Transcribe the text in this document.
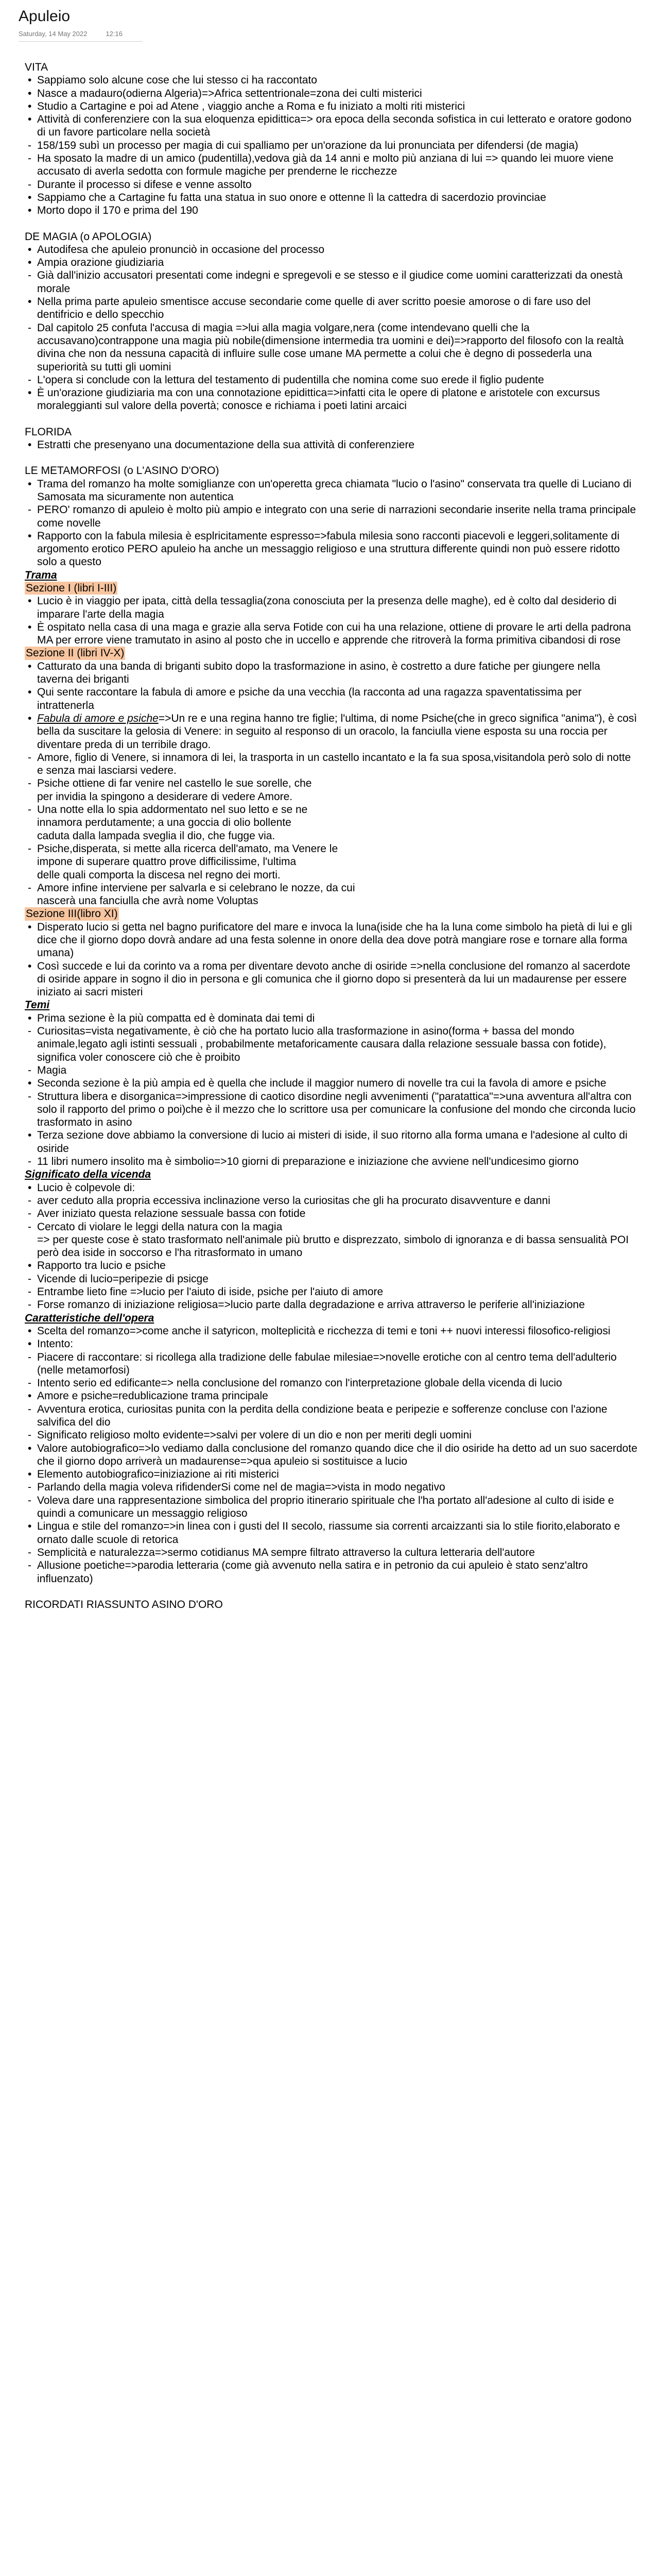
Apuleio
Saturday, 14 May 2022	12:16
VITA
• Sappiamo solo alcune cose che lui stesso ci ha raccontato
• Nasce a madauro(odierna Algeria)=>Africa settentrionale=zona dei culti misterici
• Studio a Cartagine e poi ad Atene , viaggio anche a Roma e fu iniziato a molti riti misterici
• Attività di conferenziere con la sua eloquenza epidittica=> ora epoca della seconda sofistica in cui letterato e oratore godono di un favore particolare nella società
- 158/159 subì un processo per magia di cui spalliamo per un'orazione da lui pronunciata per difendersi (de magia)
- Ha sposato la madre di un amico (pudentilla),vedova già da 14 anni e molto più anziana di lui => quando lei muore viene accusato di averla sedotta con formule magiche per prenderne le ricchezze
- Durante il processo si difese e venne assolto
• Sappiamo che a Cartagine fu fatta una statua in suo onore e ottenne lì la cattedra di sacerdozio provinciae
• Morto dopo il 170 e prima del 190
DE MAGIA (o APOLOGIA)
• Autodifesa che apuleio pronunciò in occasione del processo
• Ampia orazione giudiziaria
- Già dall'inizio accusatori presentati come indegni e spregevoli e se stesso e il giudice come uomini caratterizzati da onestà morale
• Nella prima parte apuleio smentisce accuse secondarie come quelle di aver scritto poesie amorose o di fare uso del dentifricio e dello specchio
- Dal capitolo 25 confuta l'accusa di magia =>lui alla magia volgare,nera (come intendevano quelli che la accusavano)contrappone una magia più nobile(dimensione intermedia tra uomini e dei)=>rapporto del filosofo con la realtà divina che non da nessuna capacità di influire sulle cose umane MA permette a colui che è degno di possederla una superiorità su tutti gli uomini
- L'opera si conclude con la lettura del testamento di pudentilla che nomina come suo erede il figlio pudente
• È un'orazione giudiziaria ma con una connotazione epidittica=>infatti cita le opere di platone e aristotele con excursus moraleggianti sul valore della povertà; conosce e richiama i poeti latini arcaici
FLORIDA
• Estratti che presenyano una documentazione della sua attività di conferenziere
LE METAMORFOSI (o L'ASINO D'ORO)
• Trama del romanzo ha molte somiglianze con un'operetta greca chiamata "lucio o l'asino" conservata tra quelle di Luciano di Samosata ma sicuramente non autentica
- PERO' romanzo di apuleio è molto più ampio e integrato con una serie di narrazioni secondarie inserite nella trama principale come novelle
• Rapporto con la fabula milesia è esplricitamente espresso=>fabula milesia sono racconti piacevoli e leggeri,solitamente di argomento erotico PERO apuleio ha anche un messaggio religioso e una struttura differente quindi non può essere ridotto solo a questo
Trama
Sezione I (libri I-III)
• Lucio è in viaggio per ipata, città della tessaglia(zona conosciuta per la presenza delle maghe), ed è colto dal desiderio di imparare l'arte della magia
• È ospitato nella casa di una maga e grazie alla serva Fotide con cui ha una relazione, ottiene di provare le arti della padrona MA per errore viene tramutato in asino al posto che in uccello e apprende che ritroverà la forma primitiva cibandosi di rose
Sezione II (libri IV-X)
• Catturato da una banda di briganti subito dopo la trasformazione in asino, è costretto a dure fatiche per giungere nella taverna dei briganti
• Qui sente raccontare la fabula di amore e psiche da una vecchia (la racconta ad una ragazza spaventatissima per intrattenerla
• Fabula di amore e psiche=>Un re e una regina hanno tre figlie; l'ultima, di nome Psiche(che in greco significa "anima"), è così bella da suscitare la gelosia di Venere: in seguito al responso di un oracolo, la fanciulla viene esposta su una roccia per diventare preda di un terribile drago.
- Amore, figlio di Venere, si innamora di lei, la trasporta in un castello incantato e la fa sua sposa,visitandola però solo di notte e senza mai lasciarsi vedere.
- Psiche ottiene di far venire nel castello le sue sorelle, che
per invidia la spingono a desiderare di vedere Amore.
- Una notte ella lo spia addormentato nel suo letto e se ne
innamora perdutamente; a una goccia di olio bollente
caduta dalla lampada sveglia il dio, che fugge via.
- Psiche,disperata, si mette alla ricerca dell'amato, ma Venere le
impone di superare quattro prove difficilissime, l'ultima
delle quali comporta la discesa nel regno dei morti.
- Amore infine interviene per salvarla e si celebrano le nozze, da cui
nascerà una fanciulla che avrà nome Voluptas
Sezione III(libro XI)
• Disperato lucio si getta nel bagno purificatore del mare e invoca la luna(iside che ha la luna come simbolo ha pietà di lui e gli dice che il giorno dopo dovrà andare ad una festa solenne in onore della dea dove potrà mangiare rose e tornare alla forma umana)
• Così succede e lui da corinto va a roma per diventare devoto anche di osiride =>nella conclusione del romanzo al sacerdote di osiride appare in sogno il dio in persona e gli comunica che il giorno dopo si presenterà da lui un madaurense per essere iniziato ai sacri misteri
Temi
• Prima sezione è la più compatta ed è dominata dai temi di
- Curiositas=vista negativamente, è ciò che ha portato lucio alla trasformazione in asino(forma + bassa del mondo animale,legato agli istinti sessuali , probabilmente metaforicamente causara dalla relazione sessuale bassa con fotide), significa voler conoscere ciò che è proibito
- Magia
• Seconda sezione è la più ampia ed è quella che include il maggior numero di novelle tra cui la favola di amore e psiche
- Struttura libera e disorganica=>impressione di caotico disordine negli avvenimenti ("paratattica"=>una avventura all'altra con solo il rapporto del primo o poi)che è il mezzo che lo scrittore usa per comunicare la confusione del mondo che circonda lucio trasformato in asino
• Terza sezione dove abbiamo la conversione di lucio ai misteri di iside, il suo ritorno alla forma umana e l'adesione al culto di osiride
- 11 libri numero insolito ma è simbolio=>10 giorni di preparazione e iniziazione che avviene nell'undicesimo giorno
Significato della vicenda
• Lucio è colpevole di:
- aver ceduto alla propria eccessiva inclinazione verso la curiositas che gli ha procurato disavventure e danni
- Aver iniziato questa relazione sessuale bassa con fotide
- Cercato di violare le leggi della natura con la magia
=> per queste cose è stato trasformato nell'animale più brutto e disprezzato, simbolo di ignoranza e di bassa sensualità POI però dea iside in soccorso e l'ha ritrasformato in umano
• Rapporto tra lucio e psiche
- Vicende di lucio=peripezie di psicge
- Entrambe lieto fine =>lucio per l'aiuto di iside, psiche per l'aiuto di amore
- Forse romanzo di iniziazione religiosa=>lucio parte dalla degradazione e arriva attraverso le periferie all'iniziazione
Caratteristiche dell'opera
• Scelta del romanzo=>come anche il satyricon, molteplicità e ricchezza di temi e toni ++ nuovi interessi filosofico-religiosi
• Intento:
- Piacere di raccontare: si ricollega alla tradizione delle fabulae milesiae=>novelle erotiche con al centro tema dell'adulterio (nelle metamorfosi)
- Intento serio ed edificante=> nella conclusione del romanzo con l'interpretazione globale della vicenda di lucio
• Amore e psiche=redublicazione trama principale
- Avventura erotica, curiositas punita con la perdita della condizione beata e peripezie e sofferenze concluse con l'azione salvifica del dio
- Significato religioso molto evidente=>salvi per volere di un dio e non per meriti degli uomini
• Valore autobiografico=>lo vediamo dalla conclusione del romanzo quando dice che il dio osiride ha detto ad un suo sacerdote che il giorno dopo arriverà un madaurense=>qua apuleio si sostituisce a lucio
• Elemento autobiografico=iniziazione ai riti misterici
- Parlando della magia voleva rifidenderSi come nel de magia=>vista in modo negativo
- Voleva dare una rappresentazione simbolica del proprio itinerario spirituale che l'ha portato all'adesione al culto di iside e quindi a comunicare un messaggio religioso
• Lingua e stile del romanzo=>in linea con i gusti del II secolo, riassume sia correnti arcaizzanti sia lo stile fiorito,elaborato e ornato dalle scuole di retorica
- Semplicità e naturalezza=>sermo cotidianus MA sempre filtrato attraverso la cultura letteraria dell'autore
- Allusione poetiche=>parodia letteraria (come già avvenuto nella satira e in petronio da cui apuleio è stato senz'altro influenzato)
RICORDATI RIASSUNTO ASINO D'ORO
